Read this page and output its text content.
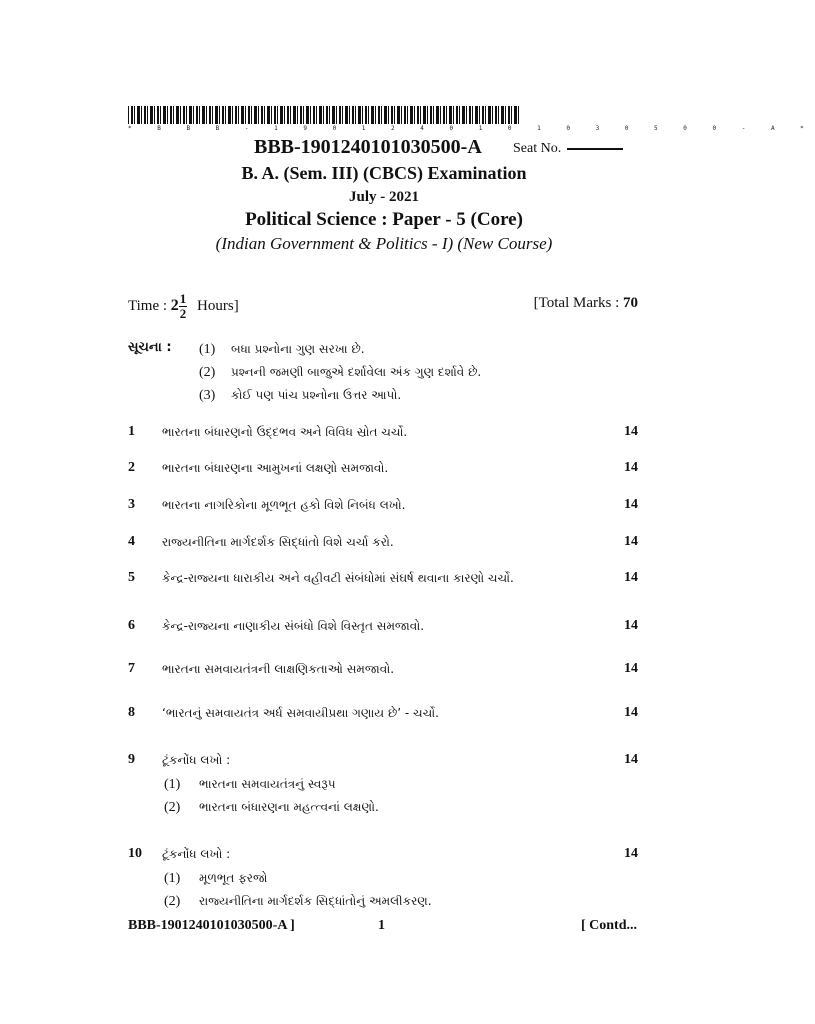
* B B B - 1 9 0 1 2 4 0 1 0 1 0 3 0 5 0 0 - A *
BBB-1901240101030500-A Seat No.
B. A. (Sem. III) (CBCS) Examination
July - 2021
Political Science : Paper - 5 (Core)
(Indian Government & Politics - I) (New Course)
Time : $2 \frac{1}{2}$ Hours]	[Total Marks : 70
સૂચના : (1) બધા પ્રશ્નોના ગુણ સરખા છે.
(2) પ્રશ્નની જમણી બાજુએ દર્શાવેલા અંક ગુણ દર્શાવે છે.
(3) કોઈ પણ પાંચ પ્રશ્નોના ઉત્તર આપો.
1 ભારતના બંધારણનો ઉદ્દભવ અને વિવિધ સ્રોત ચર્ચો.	14
2 ભારતના બંધારણના આમુખનાં લક્ષણો સમજાવો.	14
3 ભારતના નાગરિકોના મૂળભૂત હકો વિશે નિબંધ લખો.	14
4 રાજ્યનીતિના માર્ગદર્શક સિદ્ધાંતો વિશે ચર્ચા કરો.	14
5 કેન્દ્ર-રાજ્યના ધારાકીય અને વહીવટી સંબંધોમાં સંઘર્ષ થવાના કારણો ચર્ચો.	14
6 કેન્દ્ર-રાજ્યના નાણાકીય સંબંધો વિશે વિસ્તૃત સમજાવો.	14
7 ભારતના સમવાયતંત્રની લાક્ષણિકતાઓ સમજાવો.	14
8 ‘ભારતનું સમવાયતંત્ર અર્ધ સમવાયીપ્રથા ગણાય છે’ - ચર્ચો.	14
9 ટૂંકનોંધ લખો :	14
(1) ભારતના સમવાયતંત્રનું સ્વરૂપ
(2) ભારતના બંધારણના મહત્ત્વનાં લક્ષણો.
10 ટૂંકનોંધ લખો :	14
(1) મૂળભૂત ફરજો
(2) રાજ્યનીતિના માર્ગદર્શક સિદ્ધાંતોનું અમલીકરણ.
BBB-1901240101030500-A ]	1	[ Contd...
